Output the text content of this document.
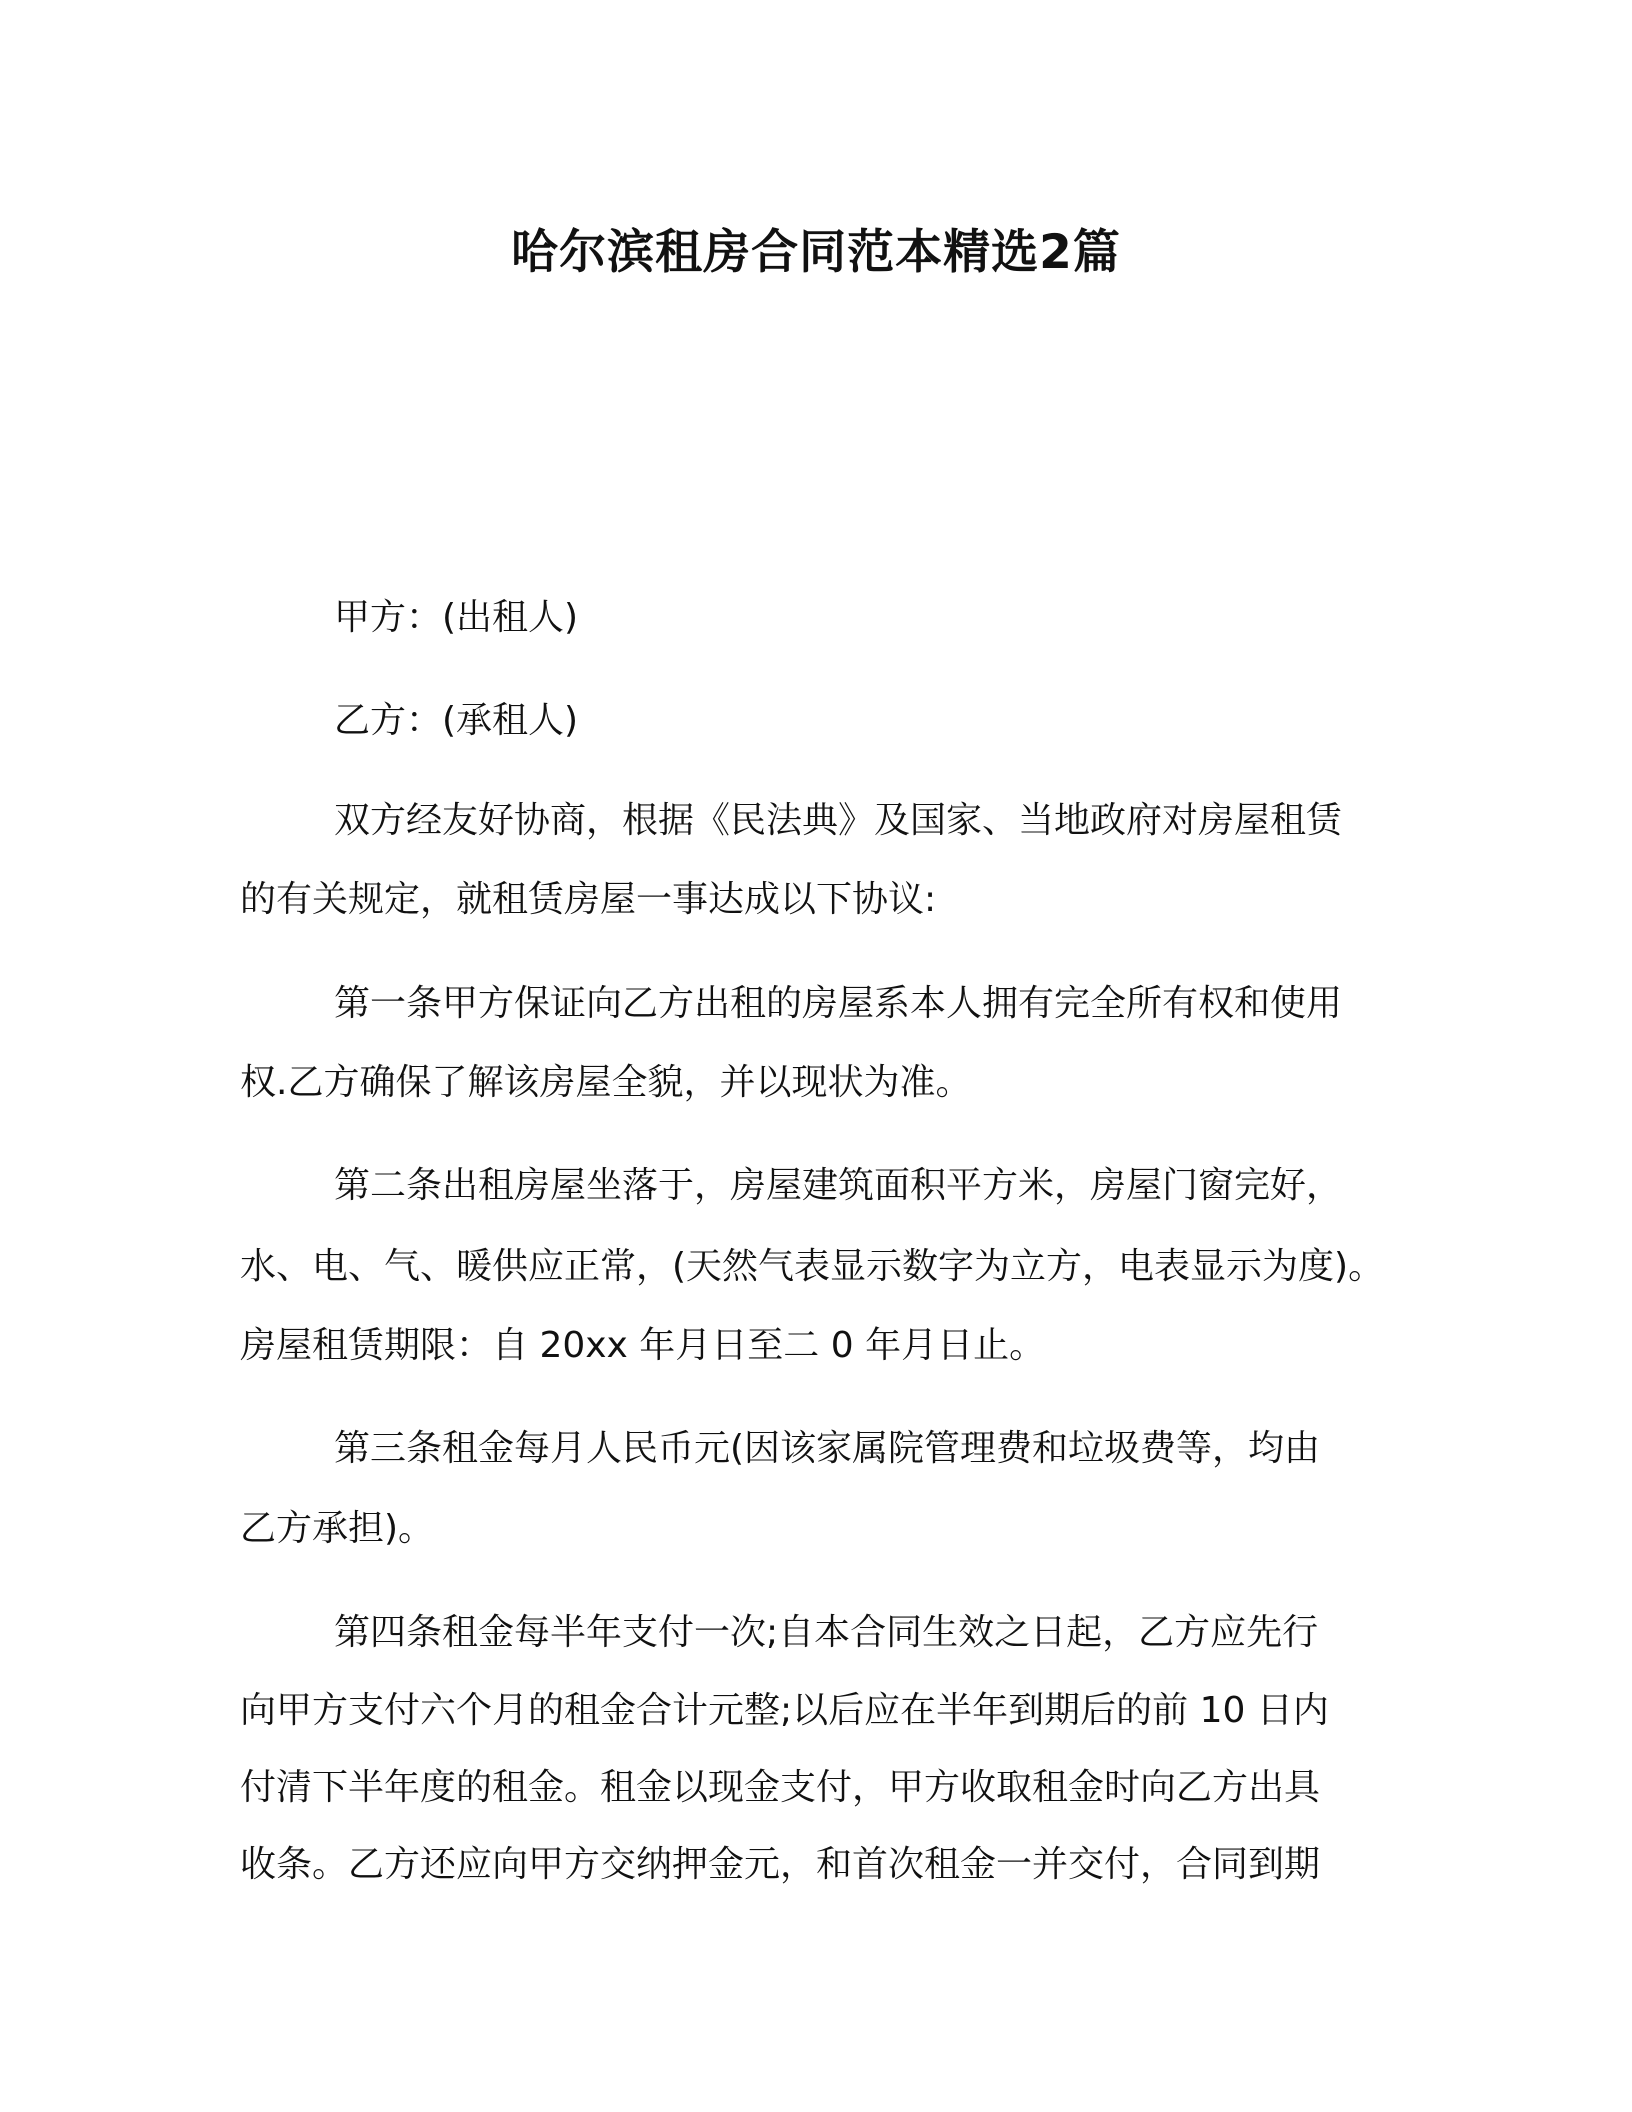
哈尔滨租房合同范本精选2篇

甲方：(出租人)

乙方：(承租人)

双方经友好协商，根据《民法典》及国家、当地政府对房屋租赁

的有关规定，就租赁房屋一事达成以下协议:

第一条甲方保证向乙方出租的房屋系本人拥有完全所有权和使用

权.乙方确保了解该房屋全貌，并以现状为准。

第二条出租房屋坐落于，房屋建筑面积平方米，房屋门窗完好，

水、电、气、暖供应正常，(天然气表显示数字为立方，电表显示为度)。

房屋租赁期限：自 20xx 年月日至二 0 年月日止。

第三条租金每月人民币元(因该家属院管理费和垃圾费等，均由

乙方承担)。

第四条租金每半年支付一次;自本合同生效之日起，乙方应先行

向甲方支付六个月的租金合计元整;以后应在半年到期后的前 10 日内

付清下半年度的租金。租金以现金支付，甲方收取租金时向乙方出具

收条。乙方还应向甲方交纳押金元，和首次租金一并交付，合同到期
